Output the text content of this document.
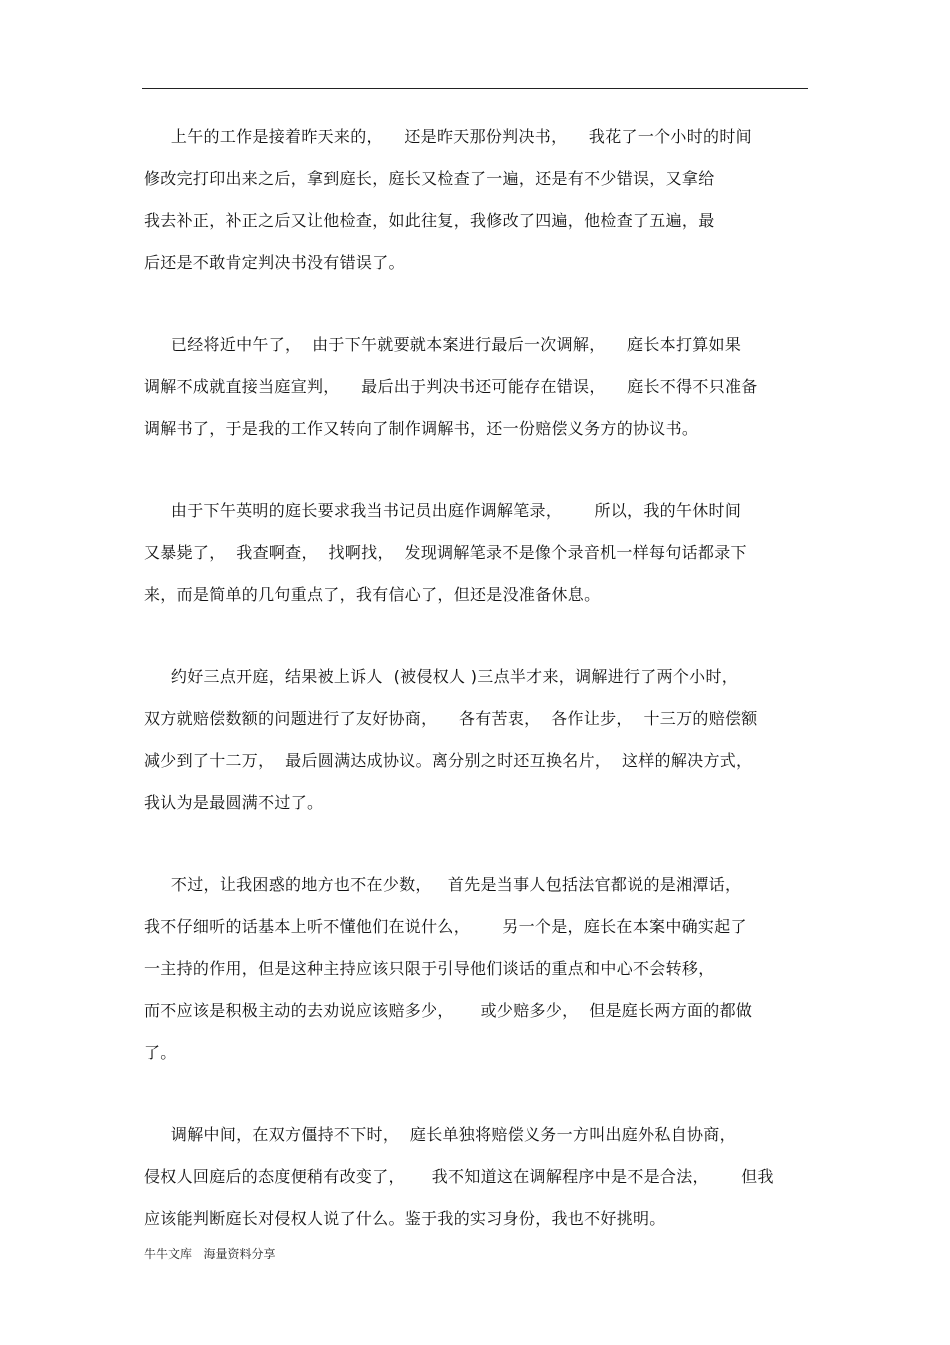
上午的工作是接着昨天来的，    还是昨天那份判决书，    我花了一个小时的时间
修改完打印出来之后，拿到庭长，庭长又检查了一遍，还是有不少错误，又拿给
我去补正，补正之后又让他检查，如此往复，我修改了四遍，他检查了五遍，最
后还是不敢肯定判决书没有错误了。
已经将近中午了，  由于下午就要就本案进行最后一次调解，    庭长本打算如果
调解不成就直接当庭宣判，    最后出于判决书还可能存在错误，    庭长不得不只准备
调解书了，于是我的工作又转向了制作调解书，还一份赔偿义务方的协议书。
由于下午英明的庭长要求我当书记员出庭作调解笔录，      所以，我的午休时间
又暴毙了，  我查啊查，  找啊找，  发现调解笔录不是像个录音机一样每句话都录下
来，而是简单的几句重点了，我有信心了，但还是没准备休息。
约好三点开庭，结果被上诉人  (被侵权人 )三点半才来，调解进行了两个小时，
双方就赔偿数额的问题进行了友好协商，    各有苦衷，  各作让步，  十三万的赔偿额
减少到了十二万，  最后圆满达成协议。离分别之时还互换名片，  这样的解决方式，
我认为是最圆满不过了。
不过，让我困惑的地方也不在少数，   首先是当事人包括法官都说的是湘潭话，
我不仔细听的话基本上听不懂他们在说什么，      另一个是，庭长在本案中确实起了
一主持的作用，但是这种主持应该只限于引导他们谈话的重点和中心不会转移，
而不应该是积极主动的去劝说应该赔多少，     或少赔多少，  但是庭长两方面的都做
了。
调解中间，在双方僵持不下时，  庭长单独将赔偿义务一方叫出庭外私自协商，
侵权人回庭后的态度便稍有改变了，     我不知道这在调解程序中是不是合法，      但我
应该能判断庭长对侵权人说了什么。鉴于我的实习身份，我也不好挑明。
牛牛文库   海量资料分享
